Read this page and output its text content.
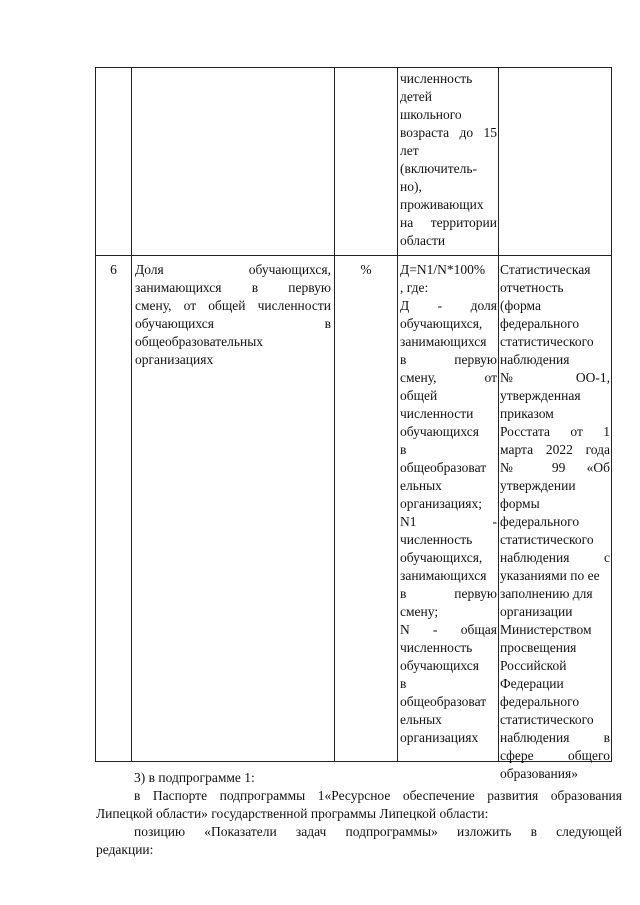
численность
детей
школьного
возраста до 15
лет
(включитель-
но),
проживающих
на территории
области
6	Доля обучающихся,
занимающихся в первую
смену, от общей численности
обучающихся в
общеобразовательных
организациях
%	Д=N1/N*100%
, где:
Д - доля
обучающихся,
занимающихся
в первую
смену, от
общей
численности
обучающихся
в
общеобразоват
ельных
организациях;
N1 -
численность
обучающихся,
занимающихся
в первую
смену;
N - общая
численность
обучающихся
в
общеобразоват
ельных
организациях
Статистическая
отчетность
(форма
федерального
статистического
наблюдения
№ ОО-1,
утвержденная
приказом
Росстата от 1
марта 2022 года
№ 99 «Об
утверждении
формы
федерального
статистического
наблюдения с
указаниями по ее
заполнению для
организации
Министерством
просвещения
Российской
Федерации
федерального
статистического
наблюдения в
сфере общего
образования»
3) в подпрограмме 1:
в Паспорте подпрограммы 1«Ресурсное обеспечение развития образования
Липецкой области» государственной программы Липецкой области:
позицию «Показатели задач подпрограммы» изложить в следующей
редакции:
